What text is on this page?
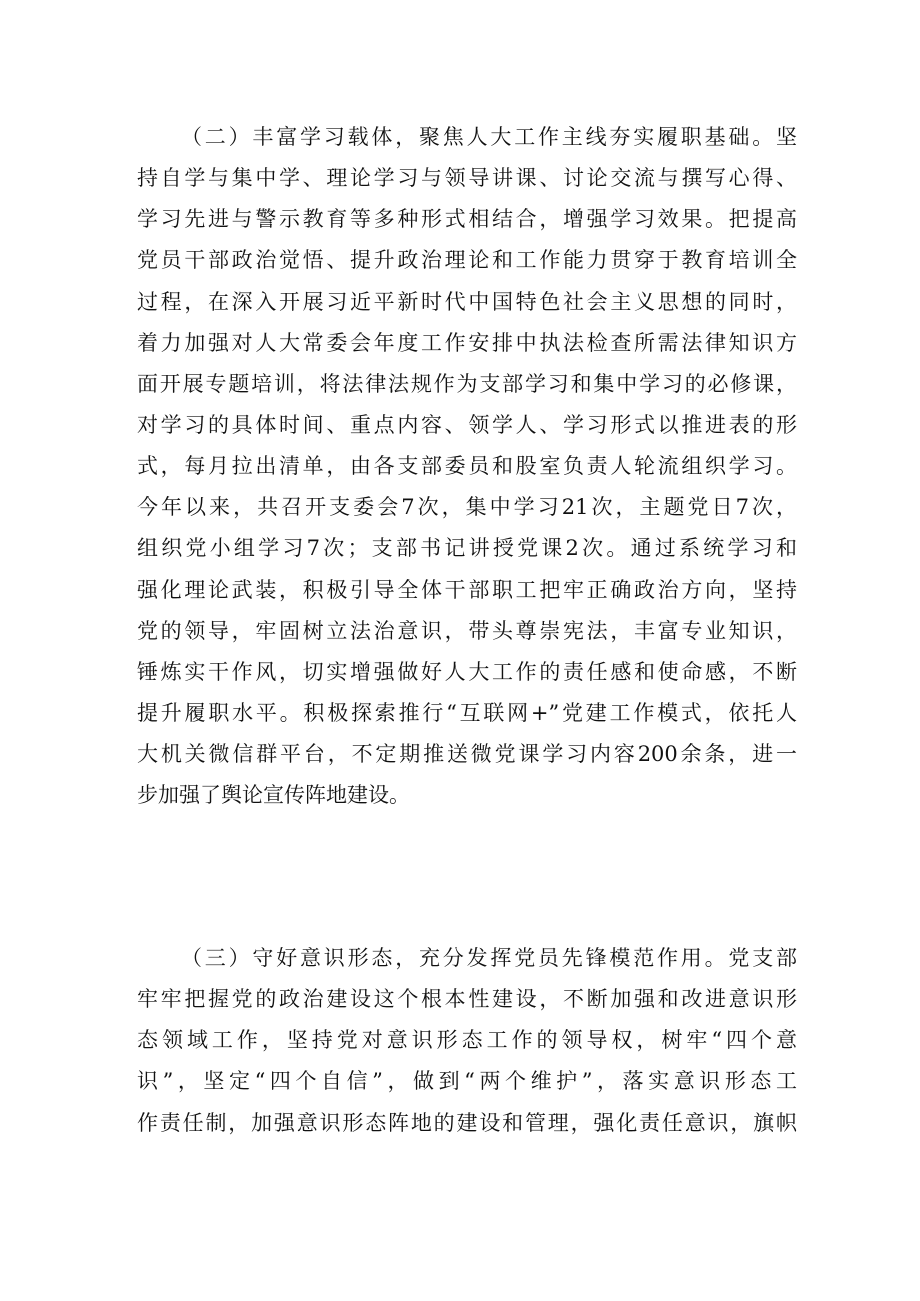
（二）丰富学习载体，聚焦人大工作主线夯实履职基础。坚
持自学与集中学、理论学习与领导讲课、讨论交流与撰写心得、
学习先进与警示教育等多种形式相结合，增强学习效果。把提高
党员干部政治觉悟、提升政治理论和工作能力贯穿于教育培训全
过程，在深入开展习近平新时代中国特色社会主义思想的同时，
着力加强对人大常委会年度工作安排中执法检查所需法律知识方
面开展专题培训，将法律法规作为支部学习和集中学习的必修课，
对学习的具体时间、重点内容、领学人、学习形式以推进表的形
式，每月拉出清单，由各支部委员和股室负责人轮流组织学习。
今年以来，共召开支委会7次，集中学习21次，主题党日7次，
组织党小组学习7次；支部书记讲授党课2次。通过系统学习和
强化理论武装，积极引导全体干部职工把牢正确政治方向，坚持
党的领导，牢固树立法治意识，带头尊崇宪法，丰富专业知识，
锤炼实干作风，切实增强做好人大工作的责任感和使命感，不断
提升履职水平。积极探索推行“互联网+”党建工作模式，依托人
大机关微信群平台，不定期推送微党课学习内容200余条，进一
步加强了舆论宣传阵地建设。
（三）守好意识形态，充分发挥党员先锋模范作用。党支部
牢牢把握党的政治建设这个根本性建设，不断加强和改进意识形
态领域工作，坚持党对意识形态工作的领导权，树牢“四个意
识”，坚定“四个自信”，做到“两个维护”，落实意识形态工
作责任制，加强意识形态阵地的建设和管理，强化责任意识，旗帜
